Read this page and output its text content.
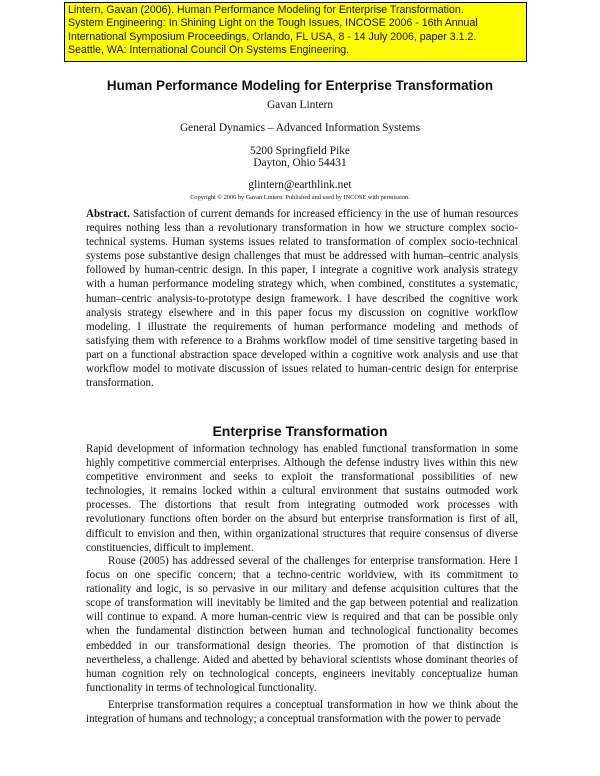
Lintern, Gavan (2006). Human Performance Modeling for Enterprise Transformation.
System Engineering: In Shining Light on the Tough Issues, INCOSE 2006 - 16th Annual
International Symposium Proceedings, Orlando, FL USA, 8 - 14 July 2006, paper 3.1.2.
Seattle, WA: International Council On Systems Engineering.
Human Performance Modeling for Enterprise Transformation
Gavan Lintern
General Dynamics – Advanced Information Systems
5200 Springfield Pike
Dayton, Ohio 54431
glintern@earthlink.net
Copyright © 2006 by Gavan Lintern. Published and used by INCOSE with permission.

Abstract. Satisfaction of current demands for increased efficiency in the use of human resources requires nothing less than a revolutionary transformation in how we structure complex socio-technical systems. Human systems issues related to transformation of complex socio-technical systems pose substantive design challenges that must be addressed with human–centric analysis followed by human-centric design. In this paper, I integrate a cognitive work analysis strategy with a human performance modeling strategy which, when combined, constitutes a systematic, human–centric analysis-to-prototype design framework. I have described the cognitive work analysis strategy elsewhere and in this paper focus my discussion on cognitive workflow modeling. I illustrate the requirements of human performance modeling and methods of satisfying them with reference to a Brahms workflow model of time sensitive targeting based in part on a functional abstraction space developed within a cognitive work analysis and use that workflow model to motivate discussion of issues related to human-centric design for enterprise transformation.

Enterprise Transformation

Rapid development of information technology has enabled functional transformation in some highly competitive commercial enterprises. Although the defense industry lives within this new competitive environment and seeks to exploit the transformational possibilities of new technologies, it remains locked within a cultural environment that sustains outmoded work processes. The distortions that result from integrating outmoded work processes with revolutionary functions often border on the absurd but enterprise transformation is first of all, difficult to envision and then, within organizational structures that require consensus of diverse constituencies, difficult to implement.

Rouse (2005) has addressed several of the challenges for enterprise transformation. Here I focus on one specific concern; that a techno-centric worldview, with its commitment to rationality and logic, is so pervasive in our military and defense acquisition cultures that the scope of transformation will inevitably be limited and the gap between potential and realization will continue to expand. A more human-centric view is required and that can be possible only when the fundamental distinction between human and technological functionality becomes embedded in our transformational design theories. The promotion of that distinction is nevertheless, a challenge. Aided and abetted by behavioral scientists whose dominant theories of human cognition rely on technological concepts, engineers inevitably conceptualize human functionality in terms of technological functionality.

Enterprise transformation requires a conceptual transformation in how we think about the integration of humans and technology; a conceptual transformation with the power to pervade
